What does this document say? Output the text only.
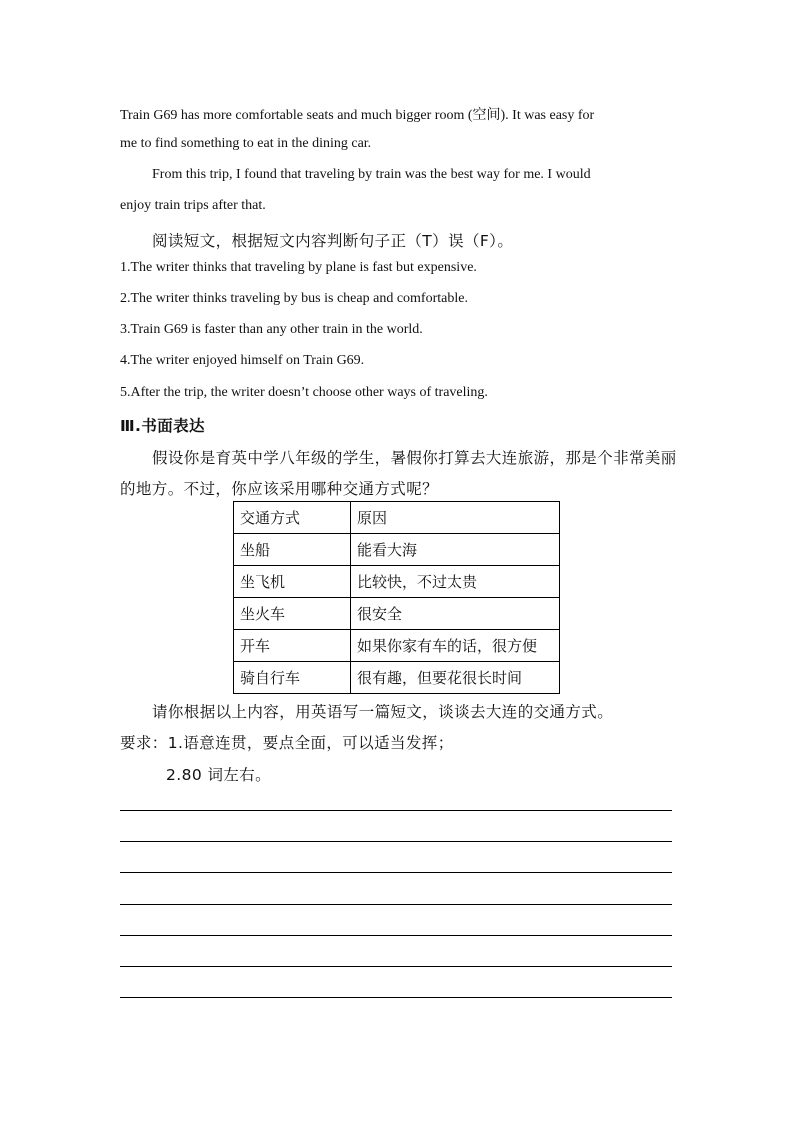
Train G69 has more comfortable seats and much bigger room (空间). It was easy for
me to find something to eat in the dining car.
From this trip, I found that traveling by train was the best way for me. I would
enjoy train trips after that.
阅读短文，根据短文内容判断句子正（T）误（F）。
1.The writer thinks that traveling by plane is fast but expensive.
2.The writer thinks traveling by bus is cheap and comfortable.
3.Train G69 is faster than any other train in the world.
4.The writer enjoyed himself on Train G69.
5.After the trip, the writer doesn’t choose other ways of traveling.
Ⅲ.书面表达
假设你是育英中学八年级的学生，暑假你打算去大连旅游，那是个非常美丽
的地方。不过，你应该采用哪种交通方式呢？
交通方式	原因
坐船	能看大海
坐飞机	比较快，不过太贵
坐火车	很安全
开车	如果你家有车的话，很方便
骑自行车	很有趣，但要花很长时间
请你根据以上内容，用英语写一篇短文，谈谈去大连的交通方式。
要求：1.语意连贯，要点全面，可以适当发挥；
2.80 词左右。
